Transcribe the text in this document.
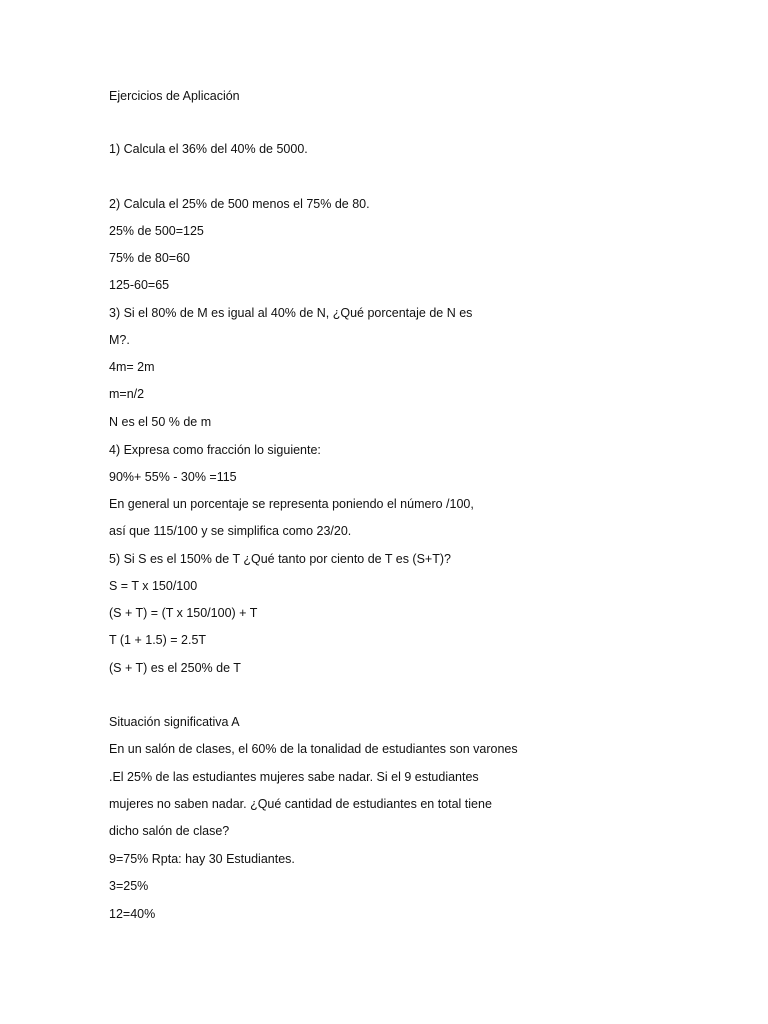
Ejercicios de Aplicación

1) Calcula el 36% del 40% de 5000.

2) Calcula el 25% de 500 menos el 75% de 80.

25% de 500=125

75% de 80=60

125-60=65

3) Si el 80% de M es igual al 40% de N, ¿Qué porcentaje de N es

M?.

4m= 2m

m=n/2

N es el 50 % de m

4) Expresa como fracción lo siguiente:

90%+ 55% - 30% =115

En general un porcentaje se representa poniendo el número /100,

así que 115/100 y se simplifica como 23/20.

5) Si S es el 150% de T ¿Qué tanto por ciento de T es (S+T)?

S = T x 150/100

(S + T) = (T x 150/100) + T

T (1 + 1.5) = 2.5T

(S + T) es el 250% de T

Situación significativa A

En un salón de clases, el 60% de la tonalidad de estudiantes son varones

.El 25% de las estudiantes mujeres sabe nadar. Si el 9 estudiantes

mujeres no saben nadar. ¿Qué cantidad de estudiantes en total tiene

dicho salón de clase?

9=75% Rpta: hay 30 Estudiantes.

3=25%

12=40%
